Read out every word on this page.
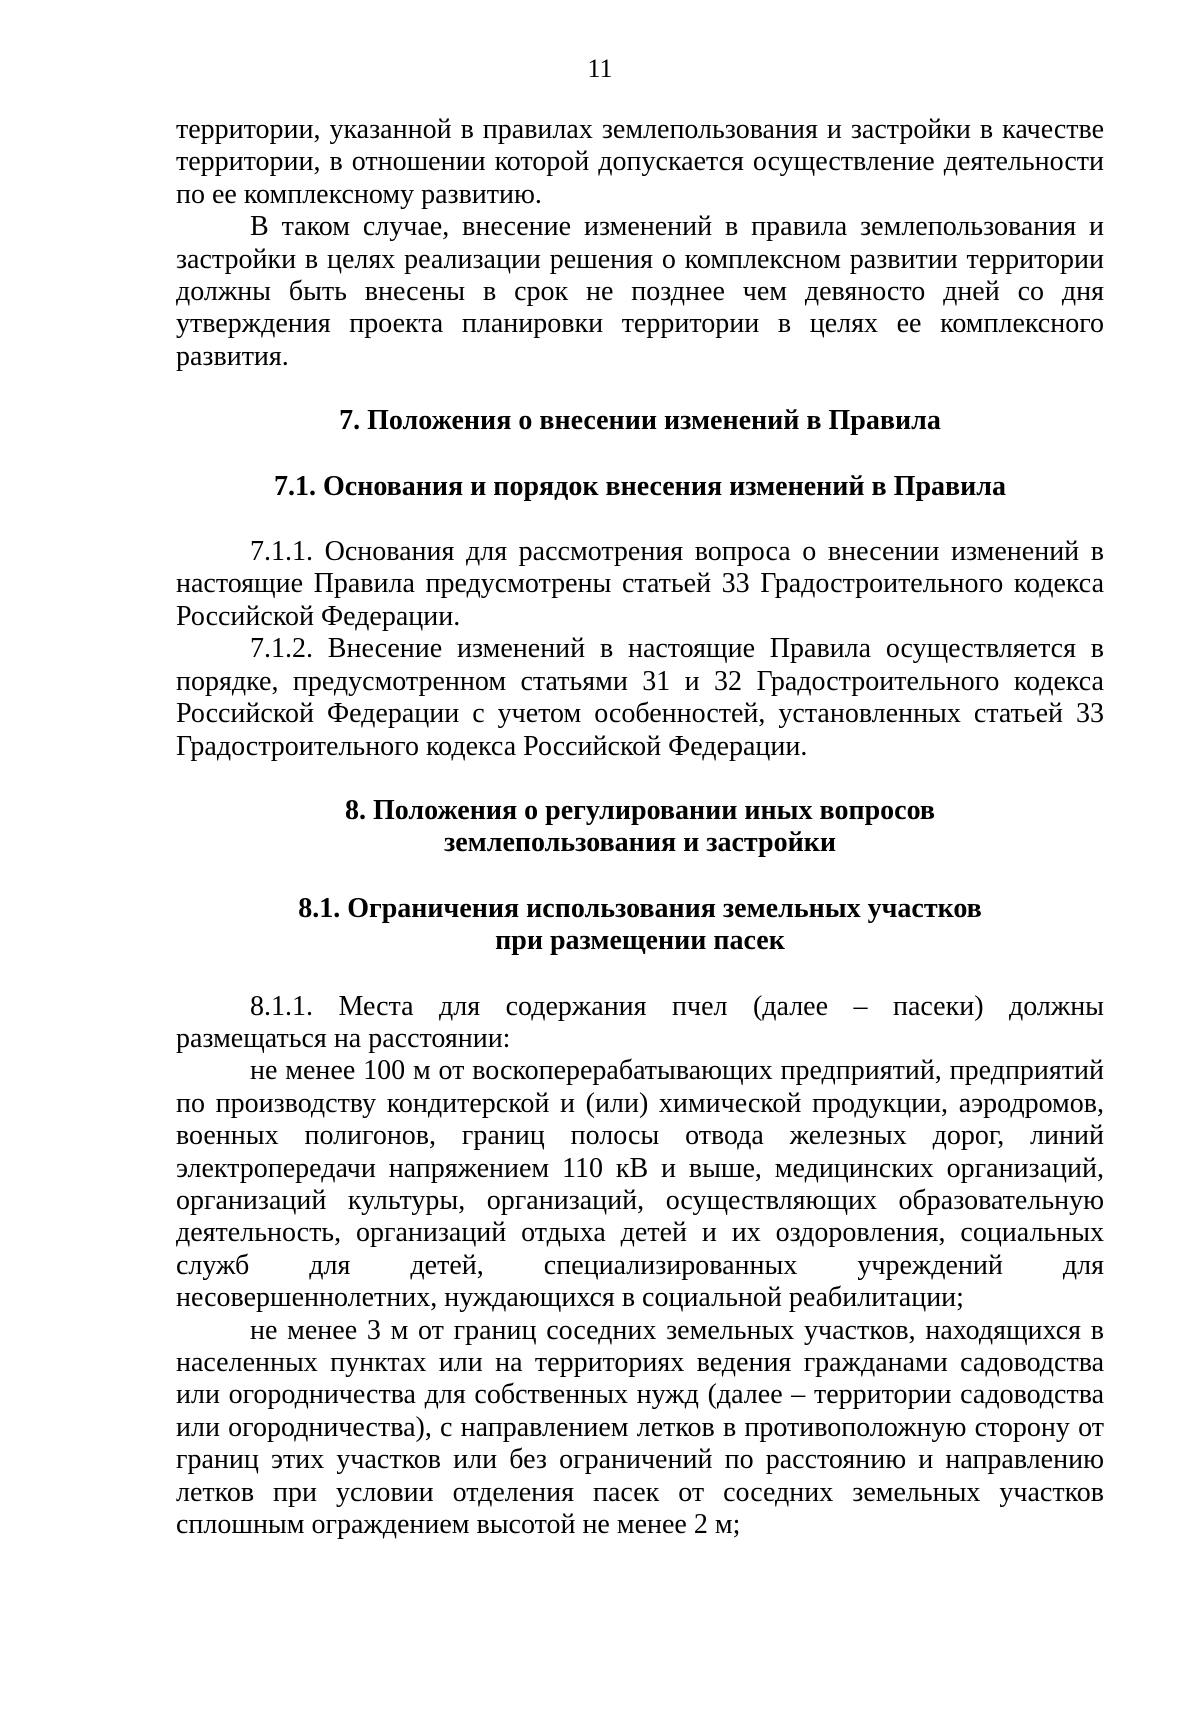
11

территории, указанной в правилах землепользования и застройки в качестве территории, в отношении которой допускается осуществление деятельности по ее комплексному развитию.

В таком случае, внесение изменений в правила землепользования и застройки в целях реализации решения о комплексном развитии территории должны быть внесены в срок не позднее чем девяносто дней со дня утверждения проекта планировки территории в целях ее комплексного развития.

7. Положения о внесении изменений в Правила
7.1. Основания и порядок внесения изменений в Правила

7.1.1. Основания для рассмотрения вопроса о внесении изменений в настоящие Правила предусмотрены статьей 33 Градостроительного кодекса Российской Федерации.

7.1.2. Внесение изменений в настоящие Правила осуществляется в порядке, предусмотренном статьями 31 и 32 Градостроительного кодекса Российской Федерации с учетом особенностей, установленных статьей 33 Градостроительного кодекса Российской Федерации.

8. Положения о регулировании иных вопросов
землепользования и застройки
8.1. Ограничения использования земельных участков
при размещении пасек

8.1.1. Места для содержания пчел (далее – пасеки) должны размещаться на расстоянии:

не менее 100 м от воскоперерабатывающих предприятий, предприятий по производству кондитерской и (или) химической продукции, аэродромов, военных полигонов, границ полосы отвода железных дорог, линий электропередачи напряжением 110 кВ и выше, медицинских организаций, организаций культуры, организаций, осуществляющих образовательную деятельность, организаций отдыха детей и их оздоровления, социальных служб для детей, специализированных учреждений для несовершеннолетних, нуждающихся в социальной реабилитации;

не менее 3 м от границ соседних земельных участков, находящихся в населенных пунктах или на территориях ведения гражданами садоводства или огородничества для собственных нужд (далее – территории садоводства или огородничества), с направлением летков в противоположную сторону от границ этих участков или без ограничений по расстоянию и направлению летков при условии отделения пасек от соседних земельных участков сплошным ограждением высотой не менее 2 м;
